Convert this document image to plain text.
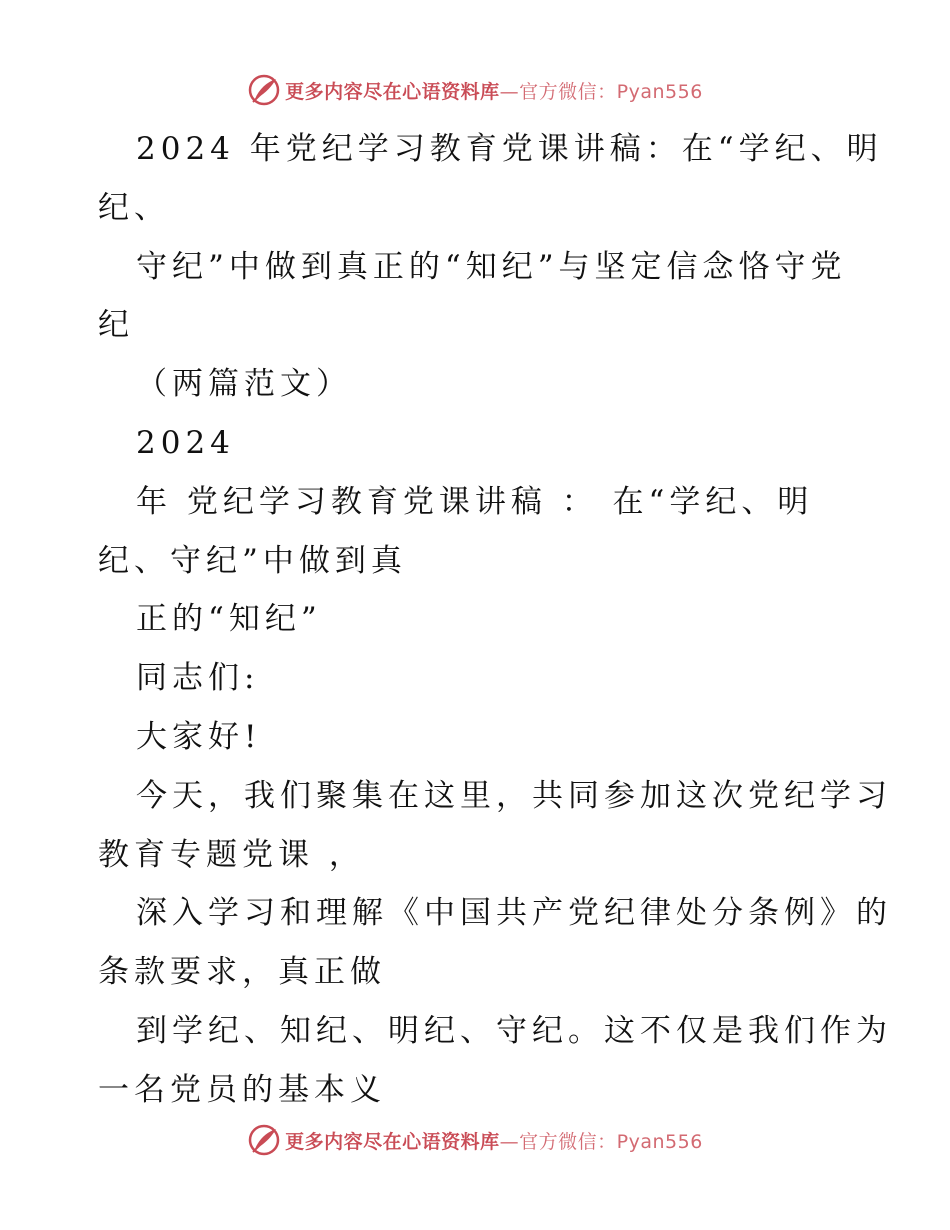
更多内容尽在心语资料库—官方微信：Pyan556

2024 年党纪学习教育党课讲稿：在“学纪、明

纪、

守纪”中做到真正的“知纪”与坚定信念恪守党

纪

（两篇范文）

2024

年 党纪学习教育党课讲稿 ： 在“学纪、明

纪、守纪”中做到真

正的“知纪”

同志们:

大家好!

今天，我们聚集在这里，共同参加这次党纪学习

教育专题党课 ，

深入学习和理解《中国共产党纪律处分条例》的

条款要求，真正做

到学纪、知纪、明纪、守纪。这不仅是我们作为

一名党员的基本义

更多内容尽在心语资料库—官方微信：Pyan556
